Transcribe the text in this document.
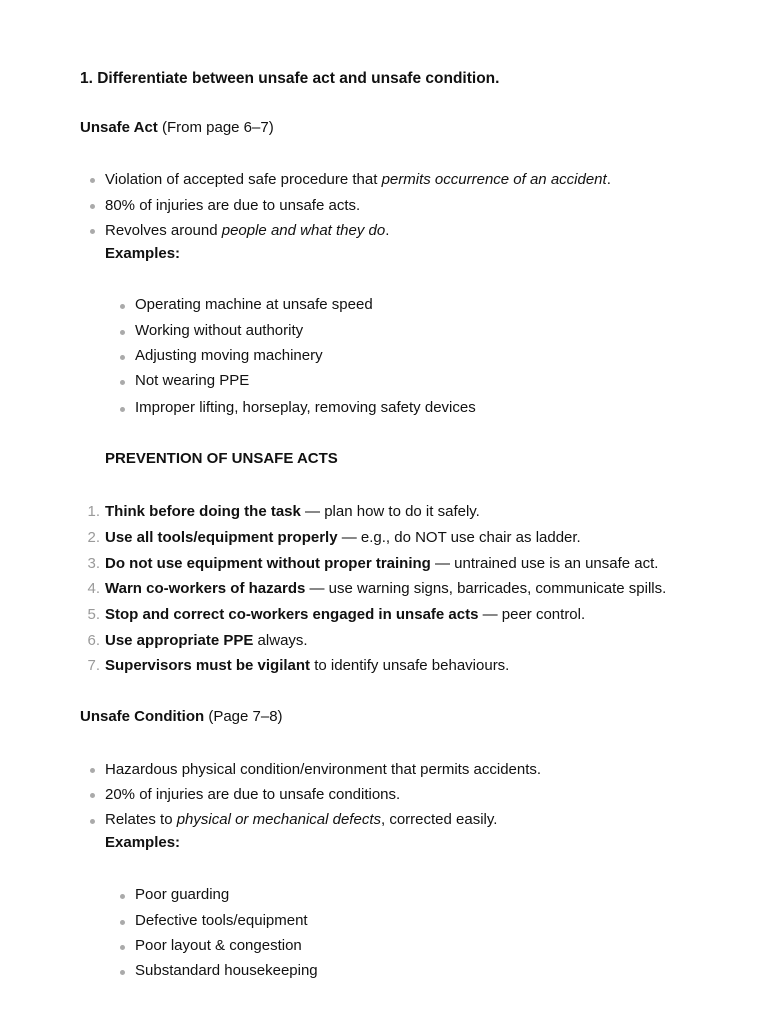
1. Differentiate between unsafe act and unsafe condition.
Unsafe Act (From page 6–7)
Violation of accepted safe procedure that permits occurrence of an accident.
80% of injuries are due to unsafe acts.
Revolves around people and what they do.
Examples:
Operating machine at unsafe speed
Working without authority
Adjusting moving machinery
Not wearing PPE
Improper lifting, horseplay, removing safety devices
PREVENTION OF UNSAFE ACTS
1. Think before doing the task — plan how to do it safely.
2. Use all tools/equipment properly — e.g., do NOT use chair as ladder.
3. Do not use equipment without proper training — untrained use is an unsafe act.
4. Warn co-workers of hazards — use warning signs, barricades, communicate spills.
5. Stop and correct co-workers engaged in unsafe acts — peer control.
6. Use appropriate PPE always.
7. Supervisors must be vigilant to identify unsafe behaviours.
Unsafe Condition (Page 7–8)
Hazardous physical condition/environment that permits accidents.
20% of injuries are due to unsafe conditions.
Relates to physical or mechanical defects, corrected easily.
Examples:
Poor guarding
Defective tools/equipment
Poor layout & congestion
Substandard housekeeping
